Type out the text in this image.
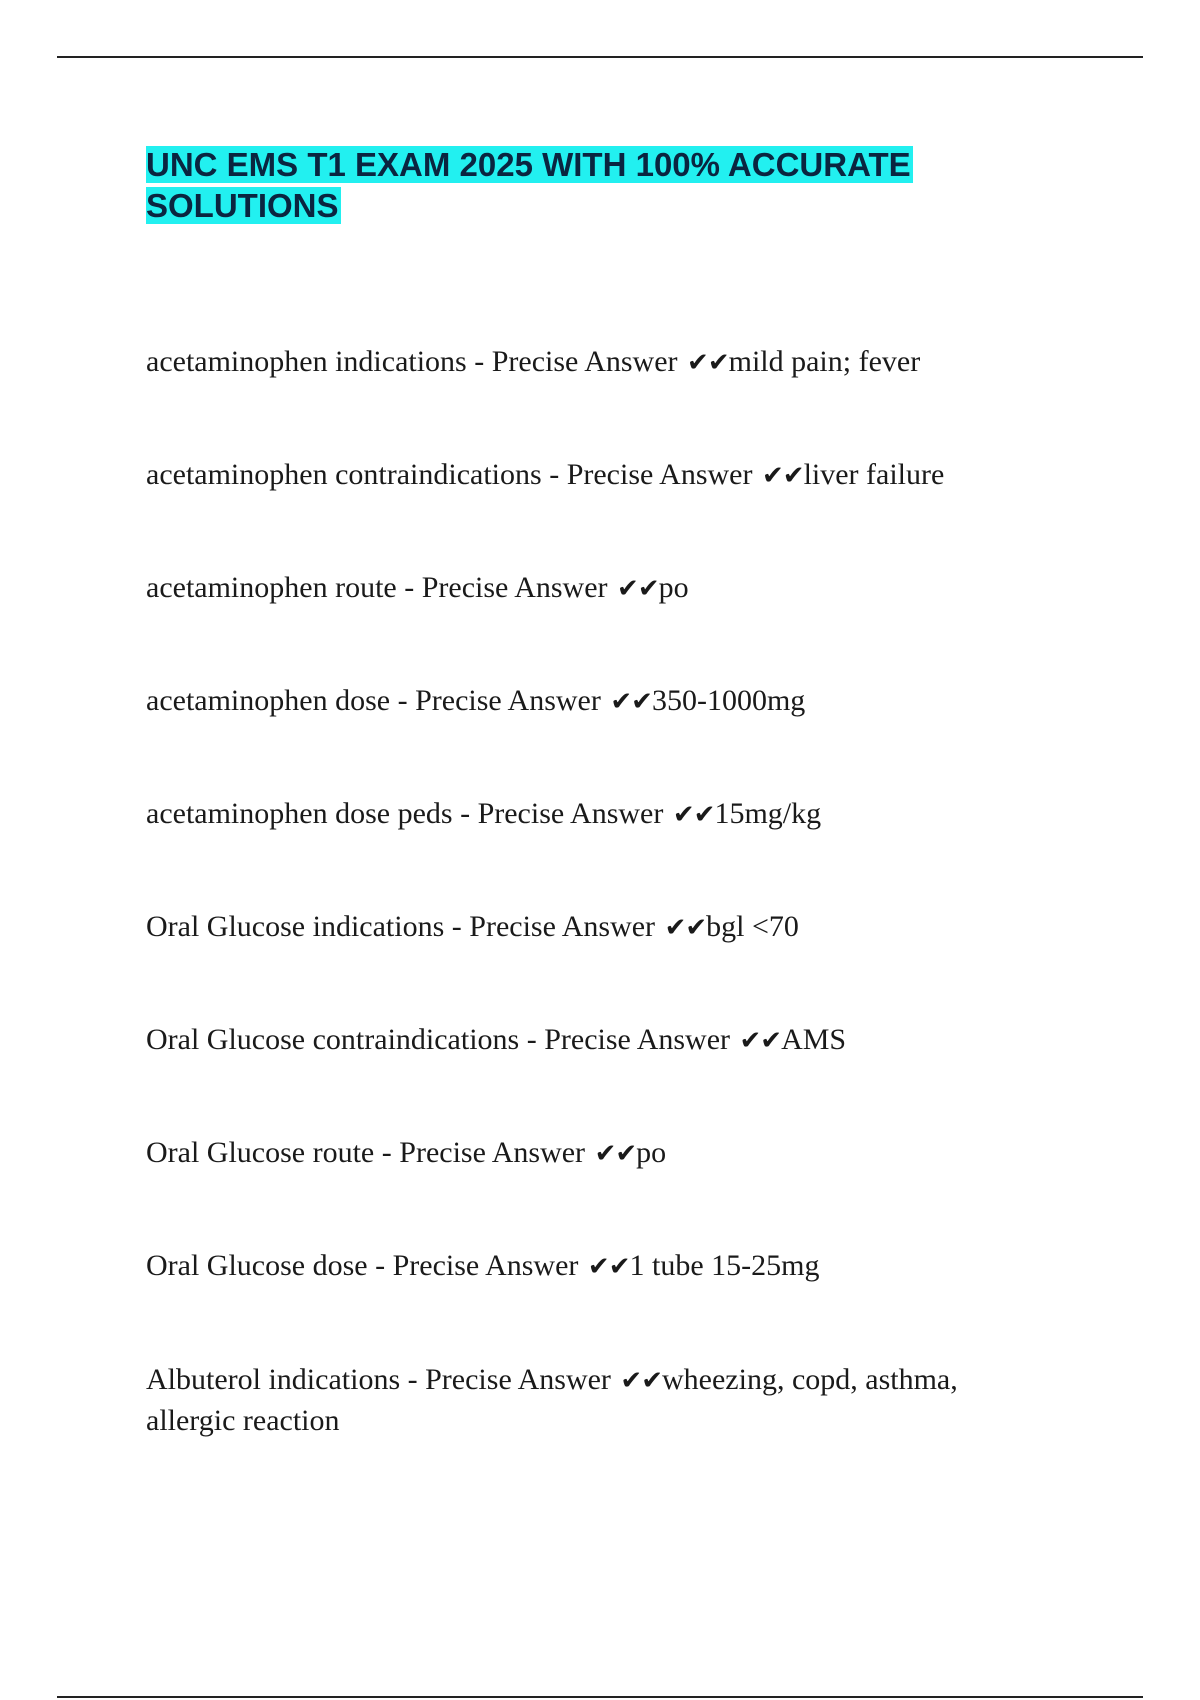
UNC EMS T1 EXAM 2025 WITH 100% ACCURATE SOLUTIONS

acetaminophen indications - Precise Answer ✔✔mild pain; fever

acetaminophen contraindications - Precise Answer ✔✔liver failure

acetaminophen route - Precise Answer ✔✔po

acetaminophen dose - Precise Answer ✔✔350-1000mg

acetaminophen dose peds - Precise Answer ✔✔15mg/kg

Oral Glucose indications - Precise Answer ✔✔bgl <70

Oral Glucose contraindications - Precise Answer ✔✔AMS

Oral Glucose route - Precise Answer ✔✔po

Oral Glucose dose - Precise Answer ✔✔1 tube 15-25mg

Albuterol indications - Precise Answer ✔✔wheezing, copd, asthma, allergic reaction
